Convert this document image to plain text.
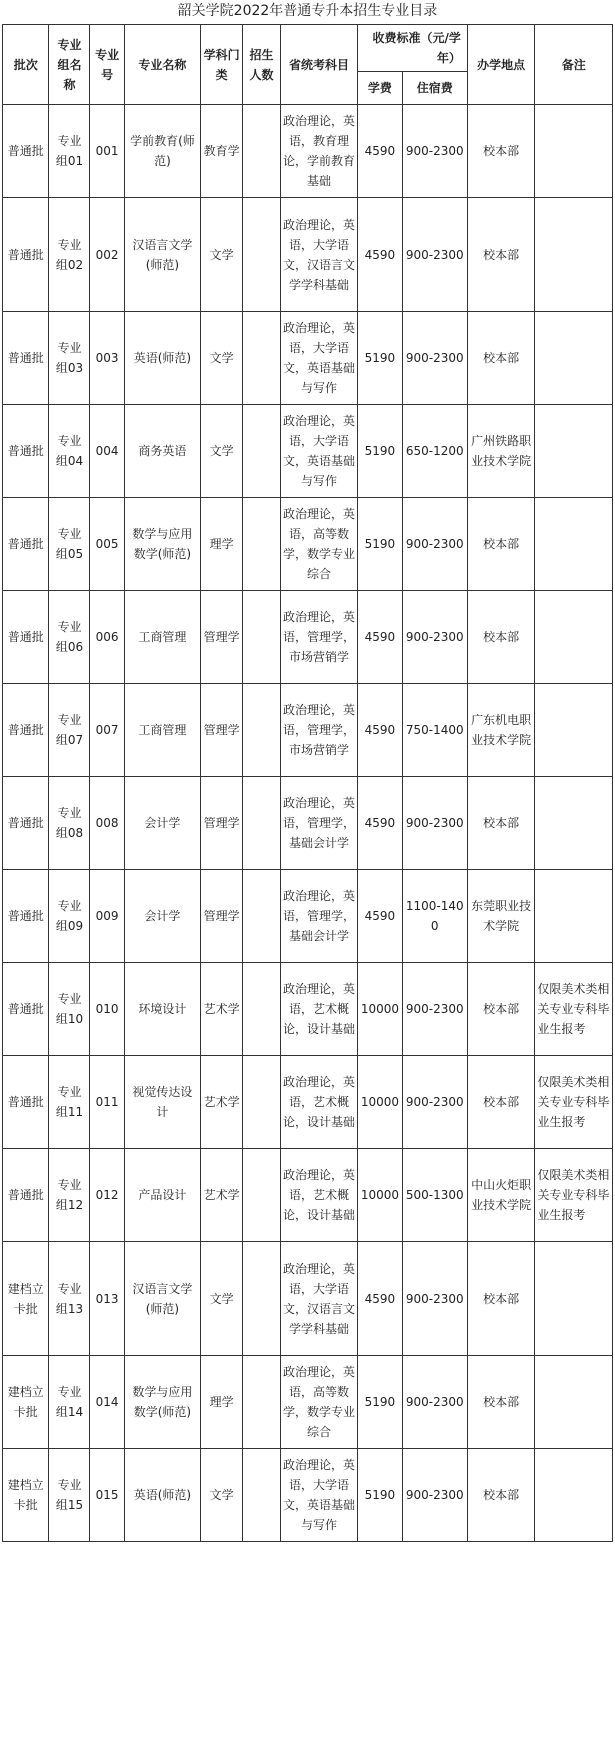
韶关学院2022年普通专升本招生专业目录
批次	专业组名称	专业号	专业名称	学科门类	招生人数	省统考科目	收费标准（元/学年）		办学地点	备注
							学费	住宿费		
普通批	专业组01	001	学前教育(师范)	教育学		政治理论，英语，教育理论，学前教育基础	4590	900-2300	校本部	
普通批	专业组02	002	汉语言文学(师范)	文学		政治理论，英语，大学语文，汉语言文学学科基础	4590	900-2300	校本部	
普通批	专业组03	003	英语(师范)	文学		政治理论，英语，大学语文，英语基础与写作	5190	900-2300	校本部	
普通批	专业组04	004	商务英语	文学		政治理论，英语，大学语文，英语基础与写作	5190	650-1200	广州铁路职业技术学院	
普通批	专业组05	005	数学与应用数学(师范)	理学		政治理论，英语，高等数学，数学专业综合	5190	900-2300	校本部	
普通批	专业组06	006	工商管理	管理学		政治理论，英语，管理学，市场营销学	4590	900-2300	校本部	
普通批	专业组07	007	工商管理	管理学		政治理论，英语，管理学，市场营销学	4590	750-1400	广东机电职业技术学院	
普通批	专业组08	008	会计学	管理学		政治理论，英语，管理学，基础会计学	4590	900-2300	校本部	
普通批	专业组09	009	会计学	管理学		政治理论，英语，管理学，基础会计学	4590	1100-1400	东莞职业技术学院	
普通批	专业组10	010	环境设计	艺术学		政治理论，英语，艺术概论，设计基础	10000	900-2300	校本部	仅限美术类相关专业专科毕业生报考
普通批	专业组11	011	视觉传达设计	艺术学		政治理论，英语，艺术概论，设计基础	10000	900-2300	校本部	仅限美术类相关专业专科毕业生报考
普通批	专业组12	012	产品设计	艺术学		政治理论，英语，艺术概论，设计基础	10000	500-1300	中山火炬职业技术学院	仅限美术类相关专业专科毕业生报考
建档立卡批	专业组13	013	汉语言文学(师范)	文学		政治理论，英语，大学语文，汉语言文学学科基础	4590	900-2300	校本部	
建档立卡批	专业组14	014	数学与应用数学(师范)	理学		政治理论，英语，高等数学，数学专业综合	5190	900-2300	校本部	
建档立卡批	专业组15	015	英语(师范)	文学		政治理论，英语，大学语文，英语基础与写作	5190	900-2300	校本部	
